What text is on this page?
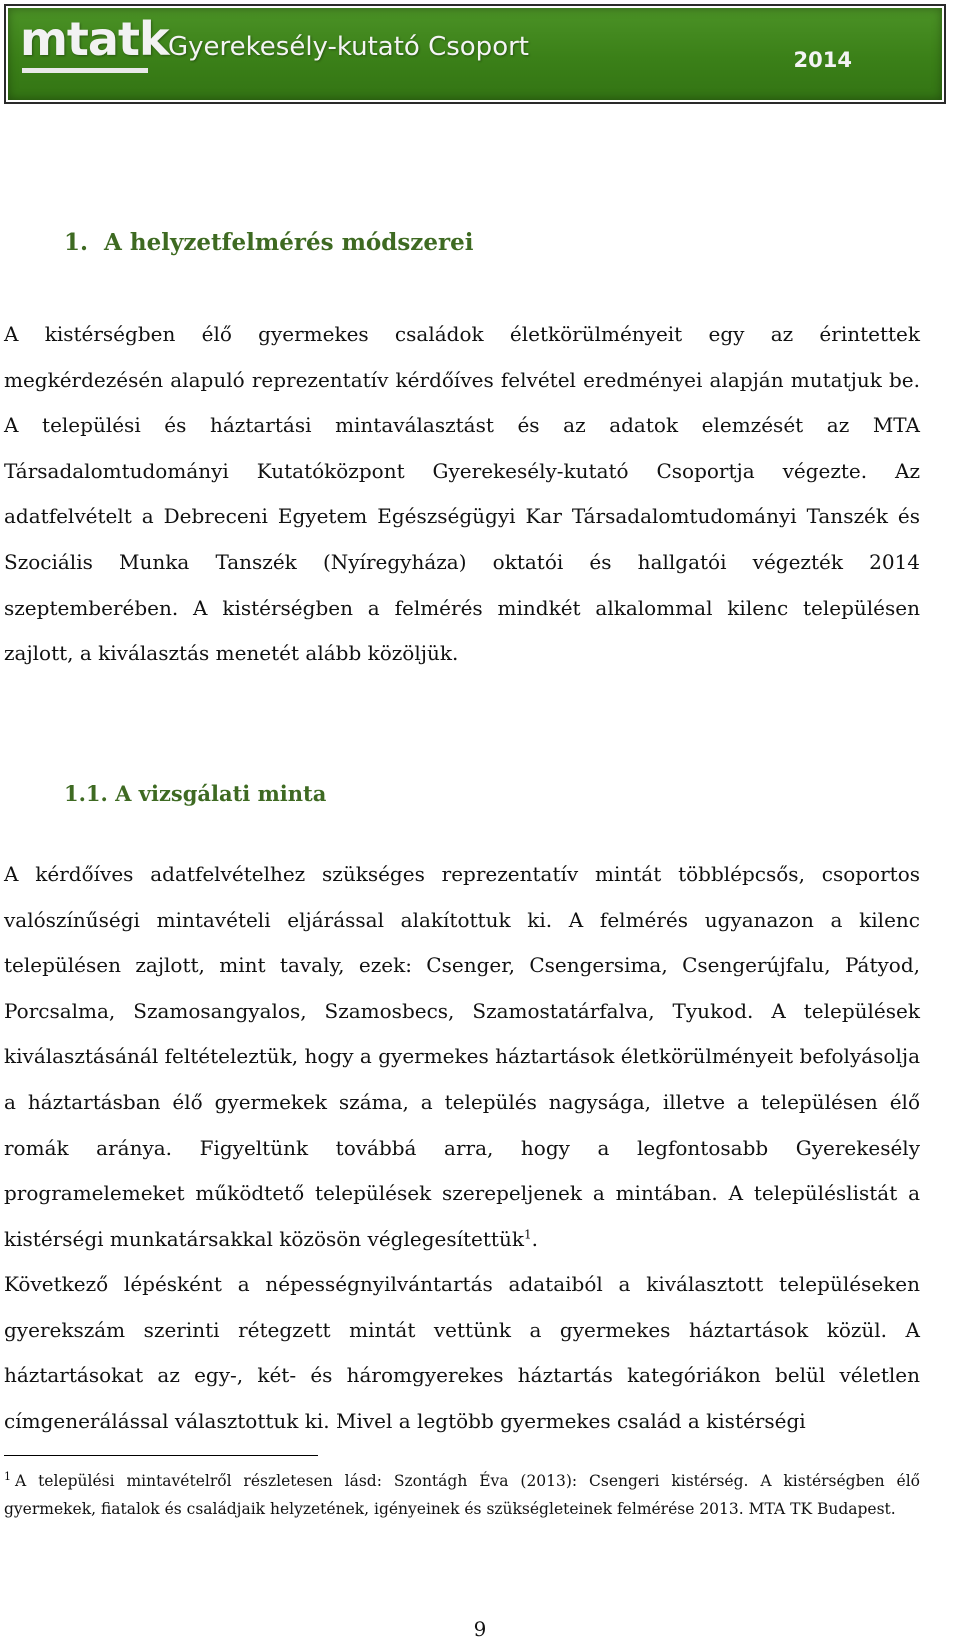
mtatk Gyerekesély-kutató Csoport	2014
1. A helyzetfelmérés módszerei

A kistérségben élő gyermekes családok életkörülményeit egy az érintettek megkérdezésén alapuló reprezentatív kérdőíves felvétel eredményei alapján mutatjuk be. A települési és háztartási mintaválasztást és az adatok elemzését az MTA Társadalomtudományi Kutatóközpont Gyerekesély-kutató Csoportja végezte. Az adatfelvételt a Debreceni Egyetem Egészségügyi Kar Társadalomtudományi Tanszék és Szociális Munka Tanszék (Nyíregyháza) oktatói és hallgatói végezték 2014 szeptemberében. A kistérségben a felmérés mindkét alkalommal kilenc településen zajlott, a kiválasztás menetét alább közöljük.

1.1. A vizsgálati minta

A kérdőíves adatfelvételhez szükséges reprezentatív mintát többlépcsős, csoportos valószínűségi mintavételi eljárással alakítottuk ki. A felmérés ugyanazon a kilenc településen zajlott, mint tavaly, ezek: Csenger, Csengersima, Csengerújfalu, Pátyod, Porcsalma, Szamosangyalos, Szamosbecs, Szamostatárfalva, Tyukod. A települések kiválasztásánál feltételeztük, hogy a gyermekes háztartások életkörülményeit befolyásolja a háztartásban élő gyermekek száma, a település nagysága, illetve a településen élő romák aránya. Figyeltünk továbbá arra, hogy a legfontosabb Gyerekesély programelemeket működtető települések szerepeljenek a mintában. A településlistát a kistérségi munkatársakkal közösön véglegesítettük$^1$.

Következő lépésként a népességnyilvántartás adataiból a kiválasztott településeken gyerekszám szerinti rétegzett mintát vettünk a gyermekes háztartások közül. A háztartásokat az egy-, két- és háromgyerekes háztartás kategóriákon belül véletlen címgenerálással választottuk ki. Mivel a legtöbb gyermekes család a kistérségi

$^1$ A települési mintavételről részletesen lásd: Szontágh Éva (2013): Csengeri kistérség. A kistérségben élő gyermekek, fiatalok és családjaik helyzetének, igényeinek és szükségleteinek felmérése 2013. MTA TK Budapest.

9
